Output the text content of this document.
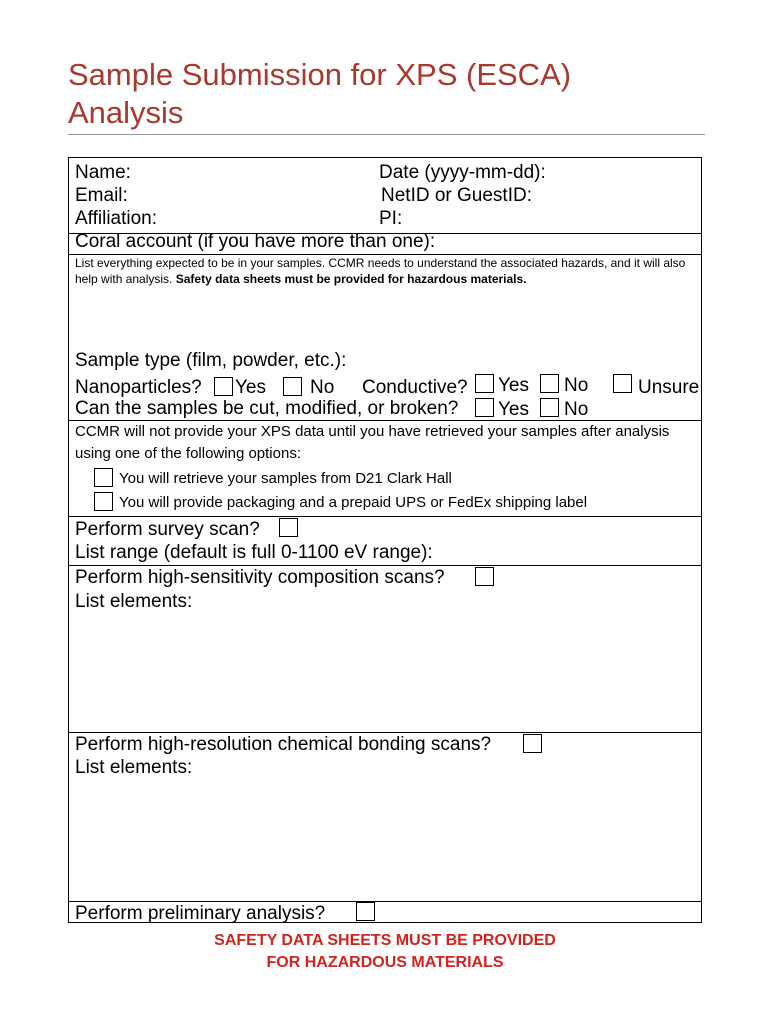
Sample Submission for XPS (ESCA)
Analysis
Name:	Date (yyyy-mm-dd):
Email:	NetID or GuestID:
Affiliation:	PI:
Coral account (if you have more than one):
List everything expected to be in your samples. CCMR needs to understand the associated hazards, and it will also help with analysis. Safety data sheets must be provided for hazardous materials.
Sample type (film, powder, etc.):
Nanoparticles? Yes No Conductive? Yes No	Unsure
Can the samples be cut, modified, or broken? Yes No
CCMR will not provide your XPS data until you have retrieved your samples after analysis using one of the following options:
You will retrieve your samples from D21 Clark Hall
You will provide packaging and a prepaid UPS or FedEx shipping label
Perform survey scan?
List range (default is full 0-1100 eV range):
Perform high-sensitivity composition scans?
List elements:
Perform high-resolution chemical bonding scans?
List elements:
Perform preliminary analysis?
SAFETY DATA SHEETS MUST BE PROVIDED
FOR HAZARDOUS MATERIALS
